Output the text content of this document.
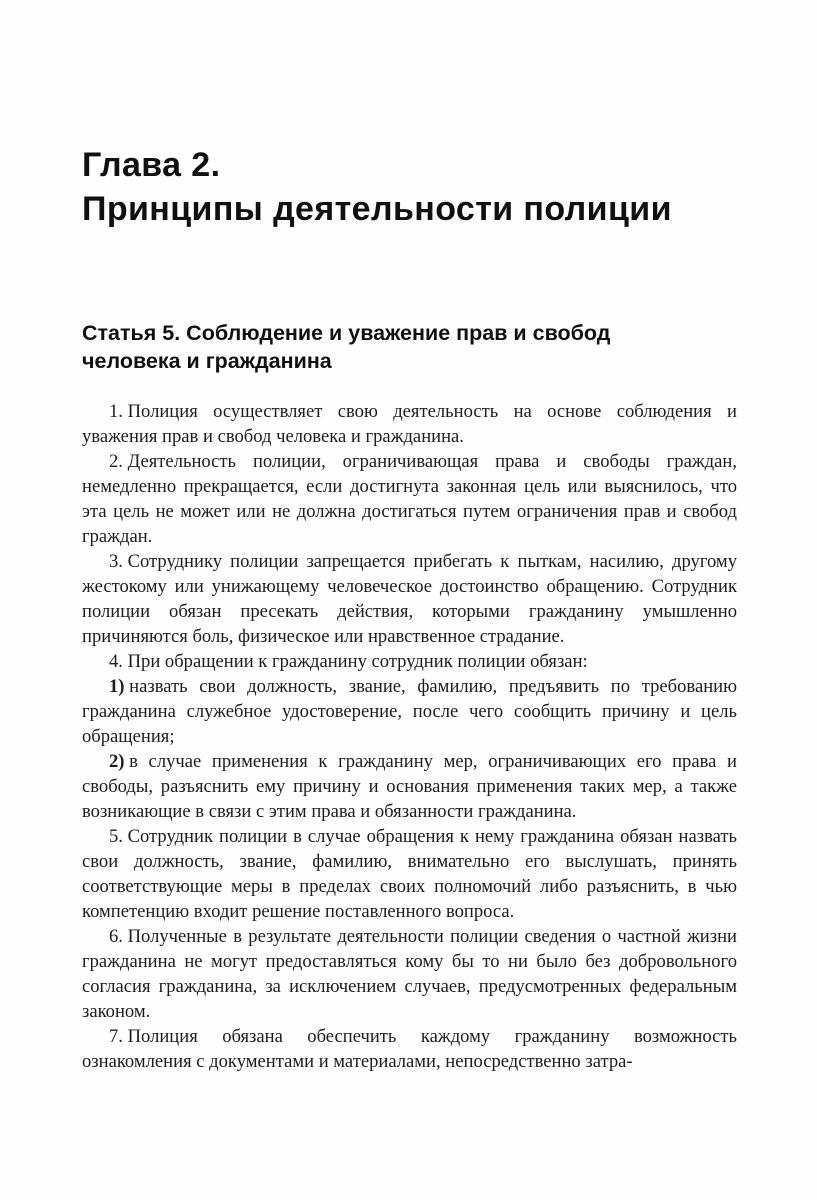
Глава 2.
Принципы деятельности полиции
Статья 5. Соблюдение и уважение прав и свобод человека и гражданина

1. Полиция осуществляет свою деятельность на основе соблюдения и уважения прав и свобод человека и гражданина.

2. Деятельность полиции, ограничивающая права и свободы граждан, немедленно прекращается, если достигнута законная цель или выяснилось, что эта цель не может или не должна достигаться путем ограничения прав и свобод граждан.

3. Сотруднику полиции запрещается прибегать к пыткам, насилию, другому жестокому или унижающему человеческое достоинство обращению. Сотрудник полиции обязан пресекать действия, которыми гражданину умышленно причиняются боль, физическое или нравственное страдание.

4. При обращении к гражданину сотрудник полиции обязан:

1) назвать свои должность, звание, фамилию, предъявить по требованию гражданина служебное удостоверение, после чего сообщить причину и цель обращения;

2) в случае применения к гражданину мер, ограничивающих его права и свободы, разъяснить ему причину и основания применения таких мер, а также возникающие в связи с этим права и обязанности гражданина.

5. Сотрудник полиции в случае обращения к нему гражданина обязан назвать свои должность, звание, фамилию, внимательно его выслушать, принять соответствующие меры в пределах своих полномочий либо разъяснить, в чью компетенцию входит решение поставленного вопроса.

6. Полученные в результате деятельности полиции сведения о частной жизни гражданина не могут предоставляться кому бы то ни было без добровольного согласия гражданина, за исключением случаев, предусмотренных федеральным законом.

7. Полиция обязана обеспечить каждому гражданину возможность ознакомления с документами и материалами, непосредственно затра-
